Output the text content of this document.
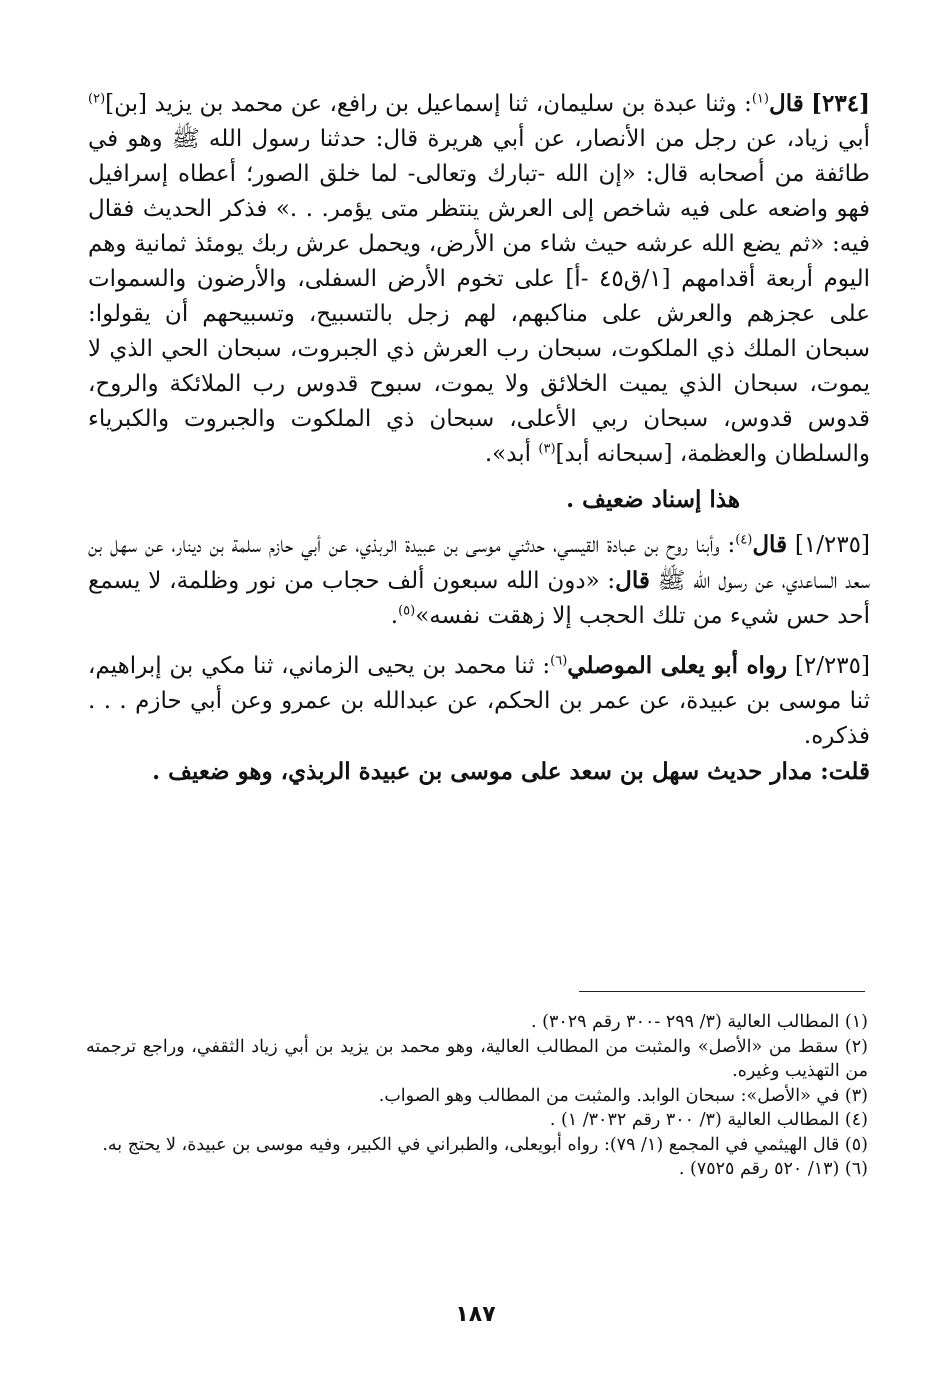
[٢٣٤] قال$^{(١)}$: وثنا عبدة بن سليمان، ثنا إسماعيل بن رافع، عن محمد بن يزيد [بن]$^{(٢)}$ أبي زياد، عن رجل من الأنصار، عن أبي هريرة قال: حدثنا رسول الله ﷺ وهو في طائفة من أصحابه قال: «إن الله -تبارك وتعالى- لما خلق الصور؛ أعطاه إسرافيل فهو واضعه على فيه شاخص إلى العرش ينتظر متى يؤمر. . .» فذكر الحديث فقال فيه: «ثم يضع الله عرشه حيث شاء من الأرض، ويحمل عرش ربك يومئذ ثمانية وهم اليوم أربعة أقدامهم [١/ق٤٥ -أ] على تخوم الأرض السفلى، والأرضون والسموات على عجزهم والعرش على مناكبهم، لهم زجل بالتسبيح، وتسبيحهم أن يقولوا: سبحان الملك ذي الملكوت، سبحان رب العرش ذي الجبروت، سبحان الحي الذي لا يموت، سبحان الذي يميت الخلائق ولا يموت، سبوح قدوس رب الملائكة والروح، قدوس قدوس، سبحان ربي الأعلى، سبحان ذي الملكوت والجبروت والكبرياء والسلطان والعظمة، [سبحانه أبد]$^{(٣)}$ أبد».

هذا إسناد ضعيف .

[١/٢٣٥] قال$^{(٤)}$: وأبنا روح بن عبادة القيسي، حدثني موسى بن عبيدة الربذي، عن أبي حازم سلمة بن دينار، عن سهل بن سعد الساعدي، عن رسول الله ﷺ قال: «دون الله سبعون ألف حجاب من نور وظلمة، لا يسمع أحد حس شيء من تلك الحجب إلا زهقت نفسه»$^{(٥)}$.

[٢/٢٣٥] رواه أبو يعلى الموصلي$^{(٦)}$: ثنا محمد بن يحيى الزماني، ثنا مكي بن إبراهيم، ثنا موسى بن عبيدة، عن عمر بن الحكم، عن عبدالله بن عمرو وعن أبي حازم . . . فذكره.

قلت: مدار حديث سهل بن سعد على موسى بن عبيدة الربذي، وهو ضعيف .

(١) المطالب العالية (٣/ ٢٩٩ -٣٠٠ رقم ٣٠٢٩) .

(٢) سقط من «الأصل» والمثبت من المطالب العالية، وهو محمد بن يزيد بن أبي زياد الثقفي، وراجع ترجمته من التهذيب وغيره.

(٣) في «الأصل»: سبحان الوابد. والمثبت من المطالب وهو الصواب.

(٤) المطالب العالية (٣/ ٣٠٠ رقم ٣٠٣٢/ ١) .

(٥) قال الهيثمي في المجمع (١/ ٧٩): رواه أبويعلى، والطبراني في الكبير، وفيه موسى بن عبيدة، لا يحتج به.

(٦) (١٣/ ٥٢٠ رقم ٧٥٢٥) .

١٨٧
